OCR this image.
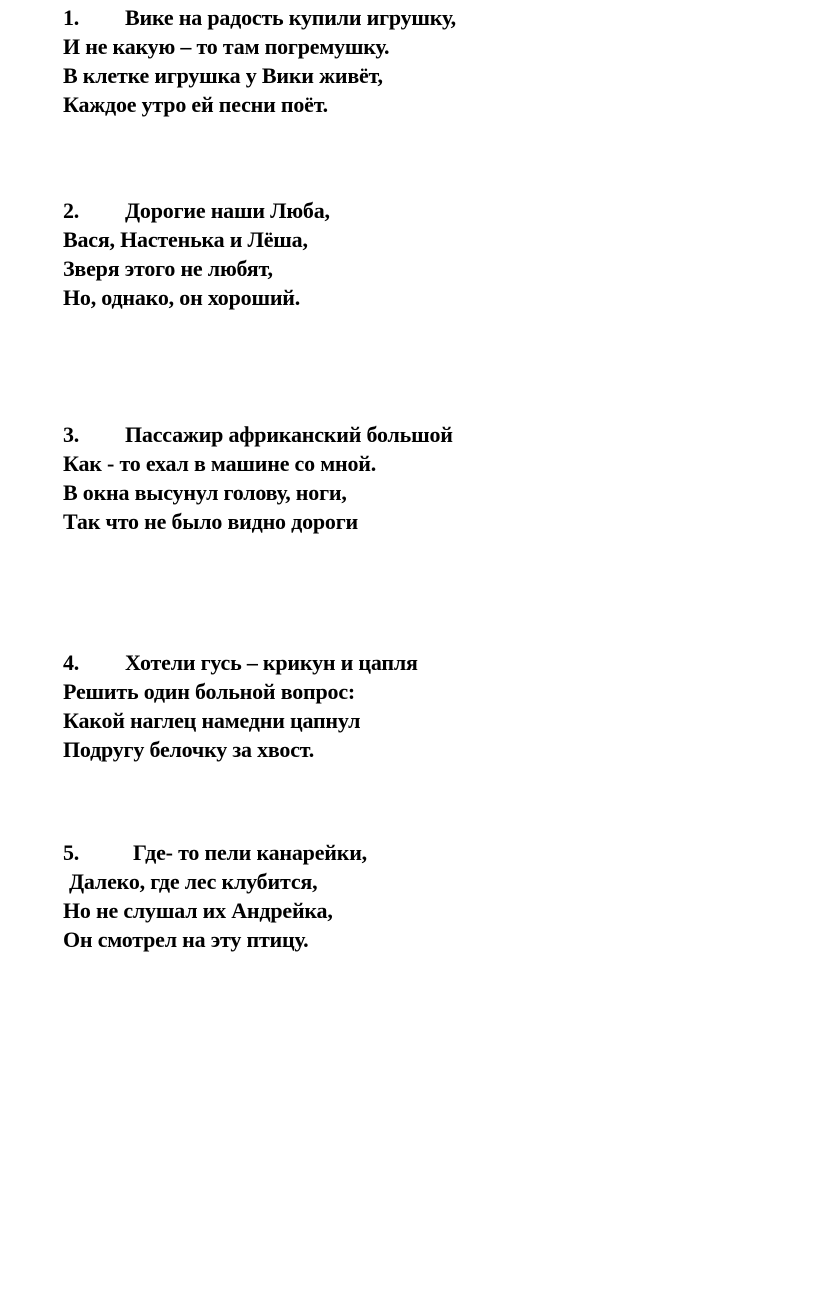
1. Вике на радость купили игрушку,
И не какую – то там погремушку.
В клетке игрушка у Вики живёт,
Каждое утро ей песни поёт.
2. Дорогие наши Люба,
Вася, Настенька и Лёша,
Зверя этого не любят,
Но, однако, он хороший.
3. Пассажир африканский большой
Как - то ехал в машине со мной.
В окна высунул голову, ноги,
Так что не было видно дороги
4. Хотели гусь – крикун и цапля
Решить один больной вопрос:
Какой наглец намедни цапнул
Подругу белочку за хвост.
5. Где- то пели канарейки,
Далеко, где лес клубится,
Но не слушал их Андрейка,
Он смотрел на эту птицу.
